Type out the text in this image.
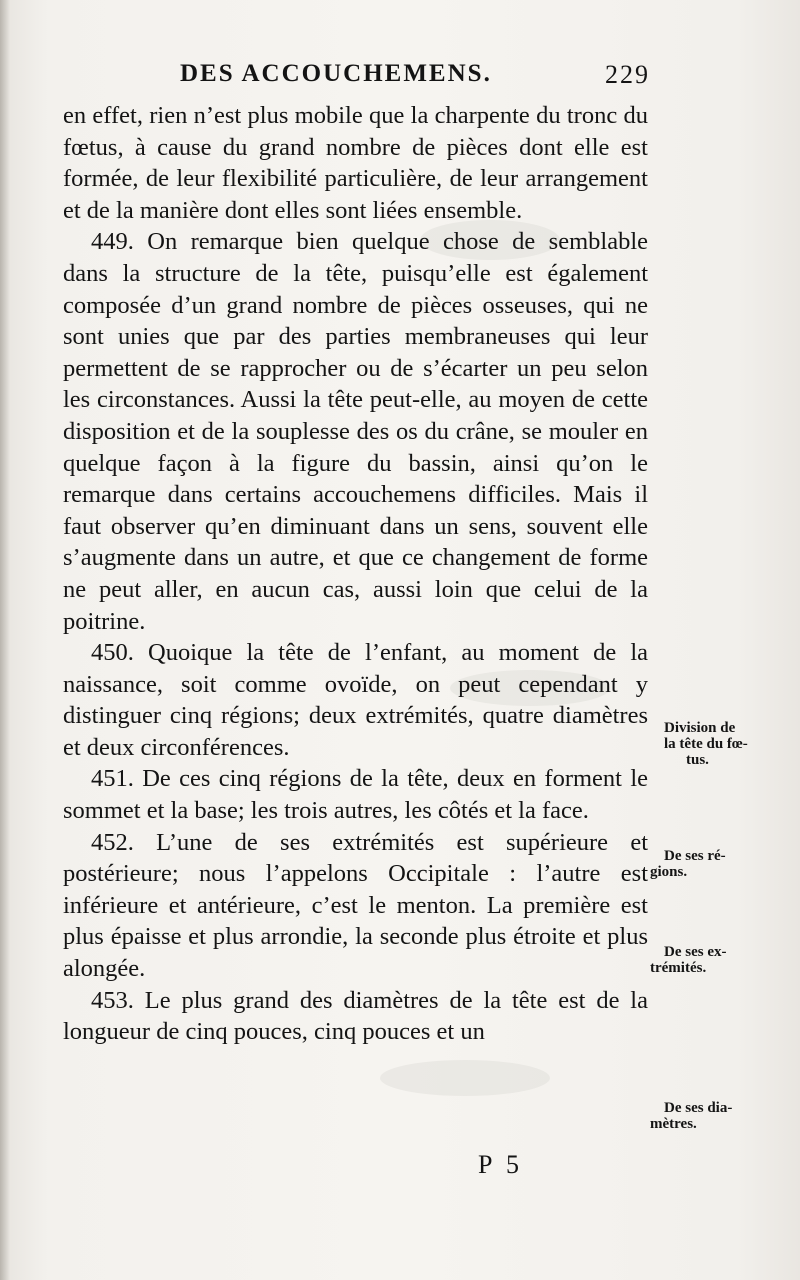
DES ACCOUCHEMENS.	229

en effet, rien n’est plus mobile que la charpente du tronc du fœtus, à cause du grand nombre de pièces dont elle est formée, de leur flexibilité particulière, de leur arrangement et de la manière dont elles sont liées ensemble.

449. On remarque bien quelque chose de semblable dans la structure de la tête, puisqu’elle est également composée d’un grand nombre de pièces osseuses, qui ne sont unies que par des parties membraneuses qui leur permettent de se rapprocher ou de s’écarter un peu selon les circonstances. Aussi la tête peut-elle, au moyen de cette disposition et de la souplesse des os du crâne, se mouler en quelque façon à la figure du bassin, ainsi qu’on le remarque dans certains accouchemens difficiles. Mais il faut observer qu’en diminuant dans un sens, souvent elle s’augmente dans un autre, et que ce changement de forme ne peut aller, en aucun cas, aussi loin que celui de la poitrine.

450. Quoique la tête de l’enfant, au moment de la naissance, soit comme ovoïde, on peut cependant y distinguer cinq régions; deux extrémités, quatre diamètres et deux circonférences.

451. De ces cinq régions de la tête, deux en forment le sommet et la base; les trois autres, les côtés et la face.

452. L’une de ses extrémités est supérieure et postérieure; nous l’appelons Occipitale : l’autre est inférieure et antérieure, c’est le menton. La première est plus épaisse et plus arrondie, la seconde plus étroite et plus alongée.

453. Le plus grand des diamètres de la tête est de la longueur de cinq pouces, cinq pouces et un

Division de
la tête du fœ-
tus.
De ses ré-
gions.
De ses ex-
trémités.
De ses dia-
mètres.
P 5
